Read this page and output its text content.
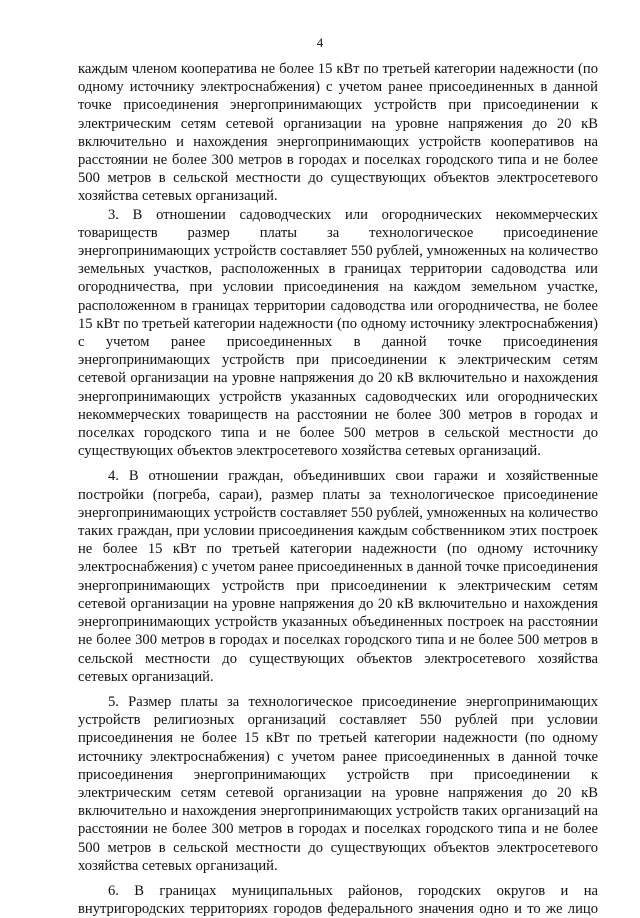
4

каждым членом кооператива не более 15 кВт по третьей категории надежности (по одному источнику электроснабжения) с учетом ранее присоединенных в данной точке присоединения энергопринимающих устройств при присоединении к электрическим сетям сетевой организации на уровне напряжения до 20 кВ включительно и нахождения энергопринимающих устройств кооперативов на расстоянии не более 300 метров в городах и поселках городского типа и не более 500 метров в сельской местности до существующих объектов электросетевого хозяйства сетевых организаций.

3. В отношении садоводческих или огороднических некоммерческих товариществ размер платы за технологическое присоединение энергопринимающих устройств составляет 550 рублей, умноженных на количество земельных участков, расположенных в границах территории садоводства или огородничества, при условии присоединения на каждом земельном участке, расположенном в границах территории садоводства или огородничества, не более 15 кВт по третьей категории надежности (по одному источнику электроснабжения) с учетом ранее присоединенных в данной точке присоединения энергопринимающих устройств при присоединении к электрическим сетям сетевой организации на уровне напряжения до 20 кВ включительно и нахождения энергопринимающих устройств указанных садоводческих или огороднических некоммерческих товариществ на расстоянии не более 300 метров в городах и поселках городского типа и не более 500 метров в сельской местности до существующих объектов электросетевого хозяйства сетевых организаций.

4. В отношении граждан, объединивших свои гаражи и хозяйственные постройки (погреба, сараи), размер платы за технологическое присоединение энергопринимающих устройств составляет 550 рублей, умноженных на количество таких граждан, при условии присоединения каждым собственником этих построек не более 15 кВт по третьей категории надежности (по одному источнику электроснабжения) с учетом ранее присоединенных в данной точке присоединения энергопринимающих устройств при присоединении к электрическим сетям сетевой организации на уровне напряжения до 20 кВ включительно и нахождения энергопринимающих устройств указанных объединенных построек на расстоянии не более 300 метров в городах и поселках городского типа и не более 500 метров в сельской местности до существующих объектов электросетевого хозяйства сетевых организаций.

5. Размер платы за технологическое присоединение энергопринимающих устройств религиозных организаций составляет 550 рублей при условии присоединения не более 15 кВт по третьей категории надежности (по одному источнику электроснабжения) с учетом ранее присоединенных в данной точке присоединения энергопринимающих устройств при присоединении к электрическим сетям сетевой организации на уровне напряжения до 20 кВ включительно и нахождения энергопринимающих устройств таких организаций на расстоянии не более 300 метров в городах и поселках городского типа и не более 500 метров в сельской местности до существующих объектов электросетевого хозяйства сетевых организаций.

6. В границах муниципальных районов, городских округов и на внутригородских территориях городов федерального значения одно и то же лицо
